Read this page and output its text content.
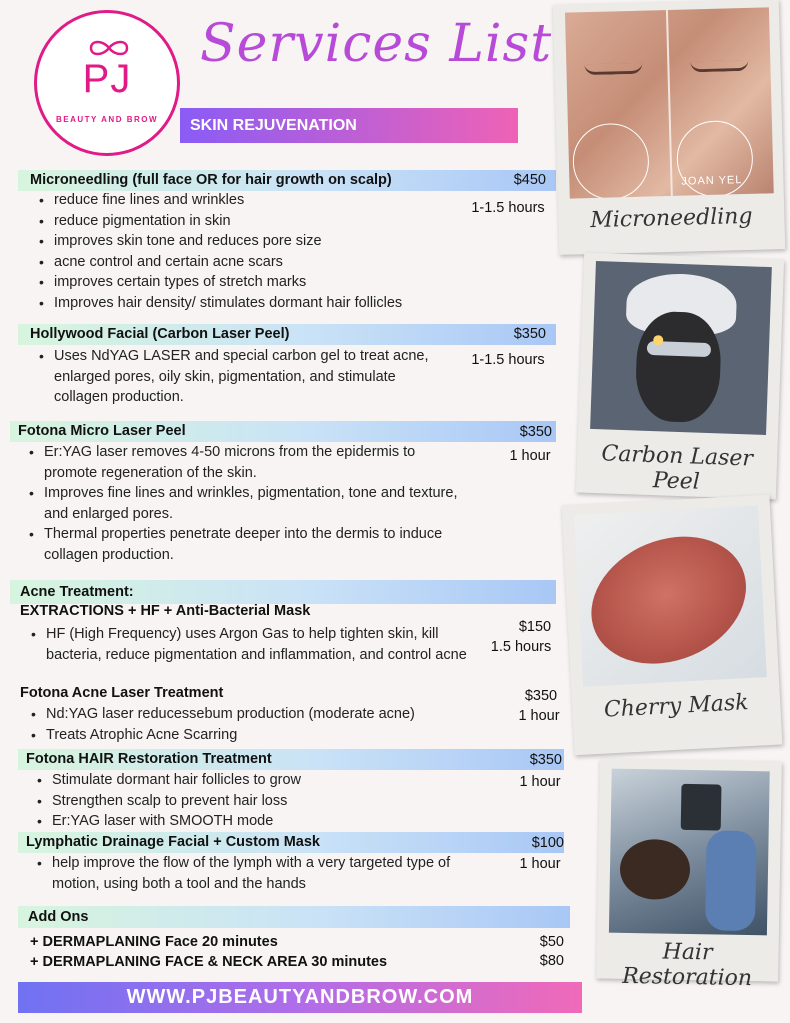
PJ
BEAUTY AND BROW
Services List
SKIN REJUVENATION
Microneedling (full face OR for hair growth on scalp)	$450
1-1.5 hours
• reduce fine lines and wrinkles
• reduce pigmentation in skin
• improves skin tone and reduces pore size
• acne control and certain acne scars
• improves certain types of stretch marks
• Improves hair density/ stimulates dormant hair follicles
Hollywood Facial (Carbon Laser Peel)	$350
1-1.5 hours
• Uses NdYAG LASER and special carbon gel to treat acne, enlarged pores, oily skin, pigmentation, and stimulate collagen production.
Fotona Micro Laser Peel	$350
1 hour
• Er:YAG laser removes 4-50 microns from the epidermis to promote regeneration of the skin.
• Improves fine lines and wrinkles, pigmentation, tone and texture, and enlarged pores.
• Thermal properties penetrate deeper into the dermis to induce collagen production.
Acne Treatment:
EXTRACTIONS + HF + Anti-Bacterial Mask
$150
1.5 hours
• HF (High Frequency) uses Argon Gas to help tighten skin, kill bacteria, reduce pigmentation and inflammation, and control acne
Fotona Acne Laser Treatment	$350
1 hour
• Nd:YAG laser reducessebum production (moderate acne)
• Treats Atrophic Acne Scarring
Fotona HAIR Restoration Treatment	$350
1 hour
• Stimulate dormant hair follicles to grow
• Strengthen scalp to prevent hair loss
• Er:YAG laser with SMOOTH mode
Lymphatic Drainage Facial + Custom Mask	$100
1 hour
• help improve the flow of the lymph with a very targeted type of motion, using both a tool and the hands
Add Ons
+ DERMAPLANING Face 20 minutes	$50
+ DERMAPLANING FACE & NECK AREA 30 minutes	$80
WWW.PJBEAUTYANDBROW.COM
JOAN YEL
Microneedling
Carbon Laser Peel
Cherry Mask
Hair Restoration
